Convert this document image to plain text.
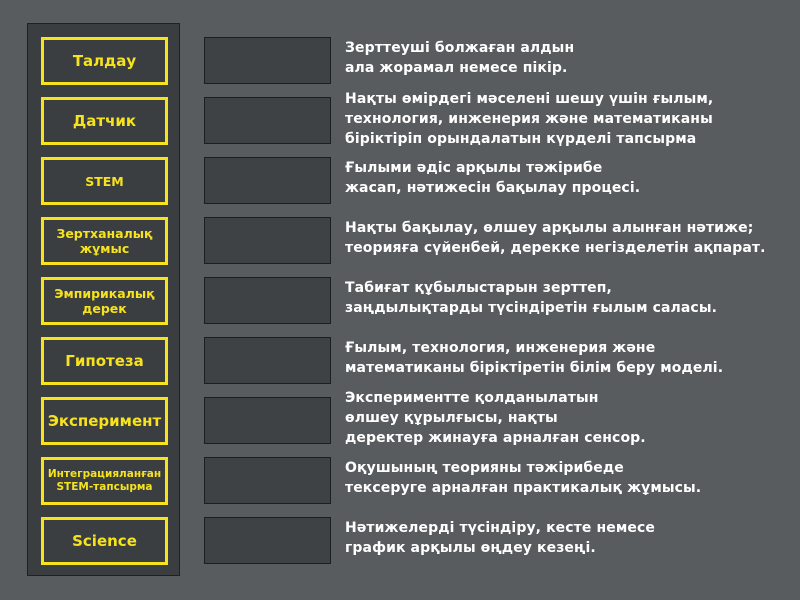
Талдау
Датчик
STEM
Зертханалық
жұмыс
Эмпирикалық
дерек
Гипотеза
Эксперимент
Интеграцияланған
STEM-тапсырма
Science
Зерттеуші болжаған алдын
ала жорамал немесе пікір.
Нақты өмірдегі мәселені шешу үшін ғылым,
технология, инженерия және математиканы
біріктіріп орындалатын күрделі тапсырма
Ғылыми әдіс арқылы тәжірибе
жасап, нәтижесін бақылау процесі.
Нақты бақылау, өлшеу арқылы алынған нәтиже;
теорияға сүйенбей, дерекке негізделетін ақпарат.
Табиғат құбылыстарын зерттеп,
заңдылықтарды түсіндіретін ғылым саласы.
Ғылым, технология, инженерия және
математиканы біріктіретін білім беру моделі.
Экспериментте қолданылатын
өлшеу құрылғысы, нақты
деректер жинауға арналған сенсор.
Оқушының теорияны тәжірибеде
тексеруге арналған практикалық жұмысы.
Нәтижелерді түсіндіру, кесте немесе
график арқылы өңдеу кезеңі.
